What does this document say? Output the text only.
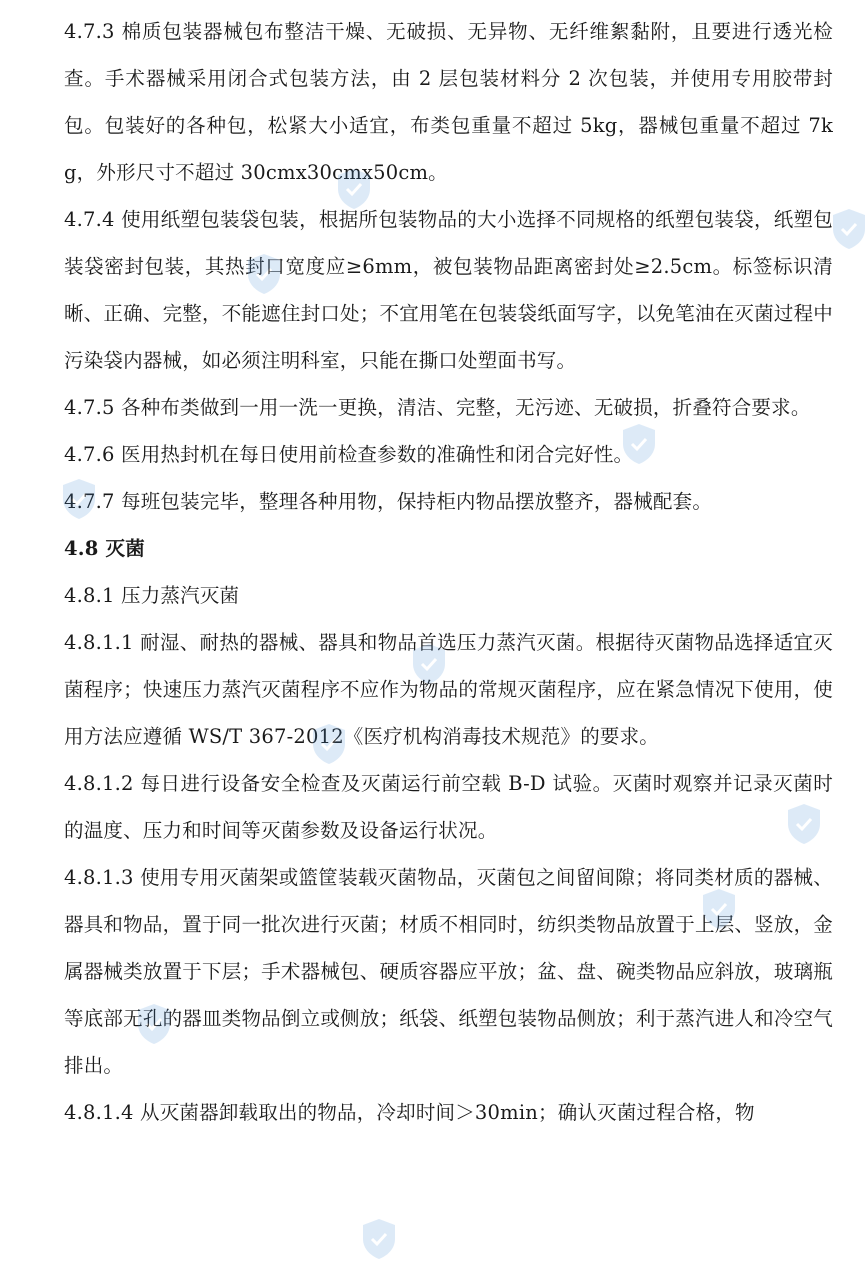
4.7.3 棉质包装器械包布整洁干燥、无破损、无异物、无纤维絮黏附，且要进行透光检查。手术器械采用闭合式包装方法，由 2 层包装材料分 2 次包装，并使用专用胶带封包。包装好的各种包，松紧大小适宜，布类包重量不超过 5kg，器械包重量不超过 7kg，外形尺寸不超过 30cmx30cmx50cm。

4.7.4 使用纸塑包装袋包装，根据所包装物品的大小选择不同规格的纸塑包装袋，纸塑包装袋密封包装，其热封口宽度应≥6mm，被包装物品距离密封处≥2.5cm。标签标识清晰、正确、完整，不能遮住封口处；不宜用笔在包装袋纸面写字，以免笔油在灭菌过程中污染袋内器械，如必须注明科室，只能在撕口处塑面书写。

4.7.5 各种布类做到一用一洗一更换，清洁、完整，无污迹、无破损，折叠符合要求。

4.7.6 医用热封机在每日使用前检查参数的准确性和闭合完好性。

4.7.7 每班包装完毕，整理各种用物，保持柜内物品摆放整齐，器械配套。

4.8 灭菌

4.8.1 压力蒸汽灭菌

4.8.1.1 耐湿、耐热的器械、器具和物品首选压力蒸汽灭菌。根据待灭菌物品选择适宜灭菌程序；快速压力蒸汽灭菌程序不应作为物品的常规灭菌程序，应在紧急情况下使用，使用方法应遵循 WS/T 367-2012《医疗机构消毒技术规范》的要求。

4.8.1.2 每日进行设备安全检查及灭菌运行前空载 B-D 试验。灭菌时观察并记录灭菌时的温度、压力和时间等灭菌参数及设备运行状况。

4.8.1.3 使用专用灭菌架或篮筐装载灭菌物品，灭菌包之间留间隙；将同类材质的器械、器具和物品，置于同一批次进行灭菌；材质不相同时，纺织类物品放置于上层、竖放，金属器械类放置于下层；手术器械包、硬质容器应平放；盆、盘、碗类物品应斜放，玻璃瓶等底部无孔的器皿类物品倒立或侧放；纸袋、纸塑包装物品侧放；利于蒸汽进人和冷空气排出。

4.8.1.4 从灭菌器卸载取出的物品，冷却时间＞30min；确认灭菌过程合格，物
